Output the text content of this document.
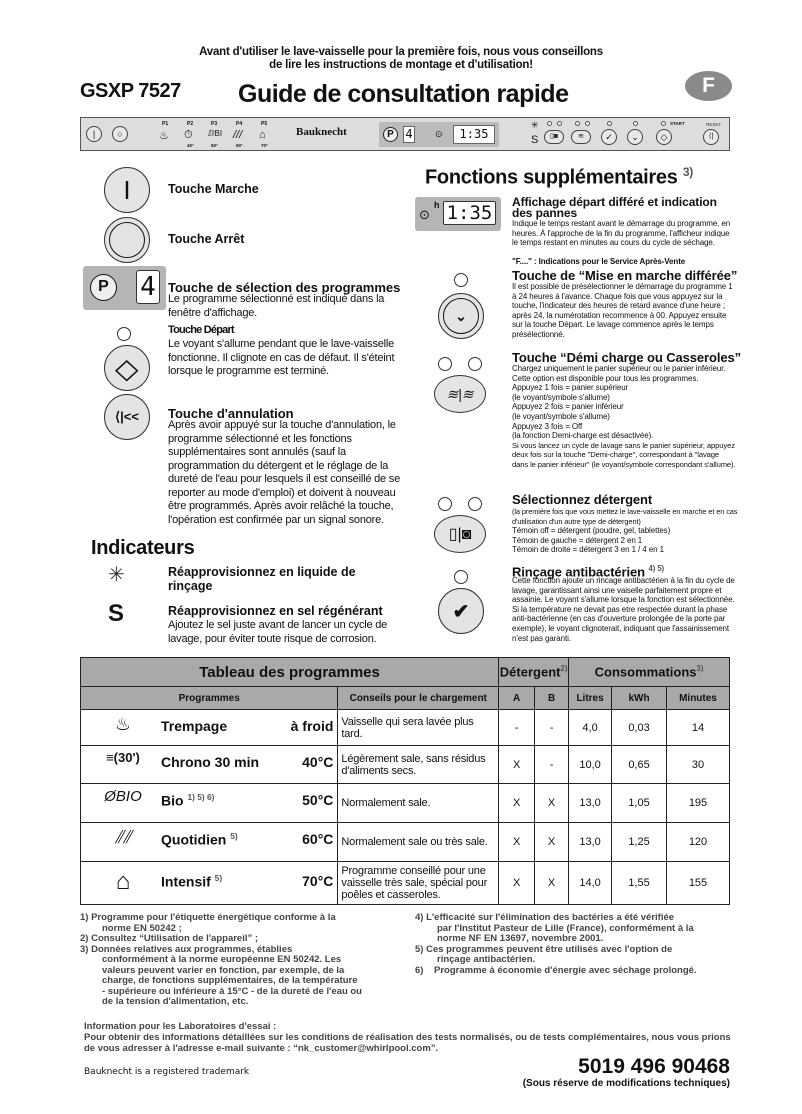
Avant d'utiliser le lave-vaisselle pour la première fois, nous vous conseillons
de lire les instructions de montage et d'utilisation!
GSXP 7527 Guide de consultation rapide	F
|	○
P1
♨
P2
⏱
40°
P3
ⅅBI
50°
P4
///
60°
P5
⌂
70°
Bauknecht	P 4 ⊙	1:35
✳
S	▯◙	≋	✓	⌄
START
◇
RESET
⟨|
I	Touche Marche
Touche Arrêt
P	4 Touche de sélection des programmes
Le programme sélectionné est indiqué dans la fenêtre d'affichage.
◇
Touche Départ
Le voyant s'allume pendant que le lave-vaisselle fonctionne. Il clignote en cas de défaut. Il s'éteint lorsque le programme est terminé.
⟨|<< Touche d'annulation
Après avoir appuyé sur la touche d'annulation, le programme sélectionné et les fonctions supplémentaires sont annulés (sauf la programmation du détergent et le réglage de la dureté de l'eau pour lesquels il est conseillé de se reporter au mode d'emploi) et doivent à nouveau être programmés. Après avoir relâché la touche, l'opération est confirmée par un signal sonore.
Indicateurs
✳	Réapprovisionnez en liquide de rinçage
S	Réapprovisionnez en sel régénérant
Ajoutez le sel juste avant de lancer un cycle de lavage, pour éviter toute risque de corrosion.
Fonctions supplémentaires $^{3)}$
⊙
h 1:35	Affichage départ différé et indication des pannes
Indique le temps restant avant le démarrage du programme, en heures. À l'approche de la fin du programme, l'afficheur indique le temps restant en minutes au cours du cycle de séchage.
"F...." : Indications pour le Service Après-Vente
⌄
Touche de “Mise en marche différée”
Il est possible de présélectionner le démarrage du programme 1 à 24 heures à l'avance. Chaque fois que vous appuyez sur la touche, l'indicateur des heures de retard avance d'une heure ; après 24, la numérotation recommence à 00. Appuyez ensuite sur la touche Départ. Le lavage commence après le temps présélectionné.
≋|≋
Touche “Démi charge ou Casseroles”
Chargez uniquement le panier supérieur ou le panier inférieur. Cette option est disponible pour tous les programmes.
Appuyez 1 fois = panier supérieur
(le voyant/symbole s'allume)
Appuyez 2 fois = panier inférieur
(le voyant/symbole s'allume)
Appuyez 3 fois = Off
(la fonction Demi-charge est désactivée).
Si vous lancez un cycle de lavage sans le panier supérieur, appuyez deux fois sur la touche "Demi-charge", correspondant à "lavage dans le panier inférieur" (le voyant/symbole correspondant s'allume).
▯|◙
Sélectionnez détergent
(la première fois que vous mettez le lave-vaisselle en marche et en cas d'utilisation d'un autre type de détergent)
Témoin off = détergent (poudre, gel, tablettes)
Témoin de gauche = détergent 2 en 1
Témoin de droite = détergent 3 en 1 / 4 en 1
✔
Rinçage antibactérien $^{4) 5)}$
Cette fonction ajoute un rincage antibactérien à la fin du cycle de lavage, garantissant ainsi une vaiselle parfaitement propre et assainie. Le voyant s'allume lorsque la fonction est sélectionnée. Si la température ne devait pas etre respectée durant la phase anti-bactérienne (en cas d'ouverture prolongée de la porte par exemple), le voyant clignoterait, indiquant que l'assainissement n'est pas garanti.
Tableau des programmes		Détergent$^{2)}$		Consommations$^{3)}$
Programmes	Conseils pour le chargement	A	B	Litres	kWh	Minutes

♨ Trempage à froid	Vaisselle qui sera lavée plus tard.	-	-	4,0	0,03	14

≡(30') Chrono 30 min 40°C	Légèrement sale, sans résidus d'aliments secs.	X	-	10,0	0,65	30

ØBIO Bio $^{1) 5) 6)}$ 50°C	Normalement sale.	X	X	13,0	1,05	195

⫽⫽ Quotidien $^{5)}$ 60°C	Normalement sale ou très sale.	X	X	13,0	1,25	120

⌂ Intensif $^{5)}$ 70°C	Programme conseillé pour une vaisselle très sale, spécial pour poêles et casseroles.	X	X	14,0	1,55	155
1) Programme pour l'étiquette énergétique conforme à la
norme EN 50242 ;
2) Consultez “Utilisation de l'appareil” ;
3) Données relatives aux programmes, établies
conformément à la norme européenne EN 50242. Les
valeurs peuvent varier en fonction, par exemple, de la
charge, de fonctions supplémentaires, de la température
- supérieure ou inférieure à 15°C - de la dureté de l'eau ou
de la tension d'alimentation, etc.
4) L'efficacité sur l'élimination des bactéries a été vérifiée
par l'Institut Pasteur de Lille (France), conformément à la
norme NF EN 13697, novembre 2001.
5) Ces programmes peuvent être utilisés avec l'option de
rinçage antibactérien.
6) Programme à économie d'énergie avec séchage prolongé.
Information pour les Laboratoires d'essai :
Pour obtenir des informations détaillées sur les conditions de réalisation des tests normalisés, ou de tests complémentaires, nous vous prions de vous adresser à l'adresse e-mail suivante : “nk_customer@whirlpool.com”.
Bauknecht is a registered trademark	5019 496 90468
(Sous réserve de modifications techniques)
